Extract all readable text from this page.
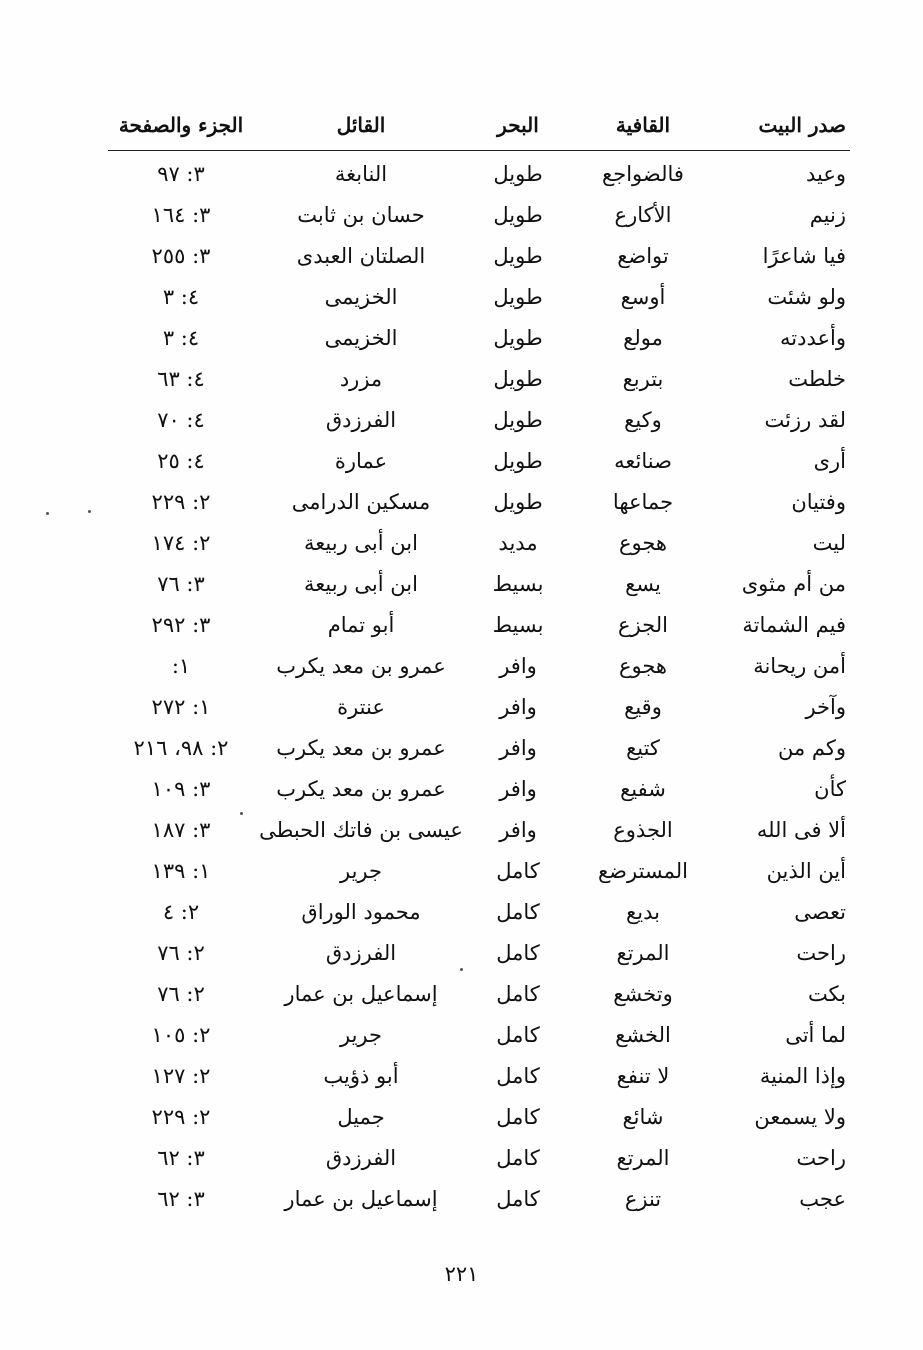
صدر البيت
القافية
البحر
القائل
الجزء والصفحة
وعيد
فالضواجع
طويل
النابغة
٣: ٩٧
زنيم
الأكارع
طويل
حسان بن ثابت
٣: ١٦٤
فيا شاعرًا
تواضع
طويل
الصلتان العبدى
٣: ٢٥٥
ولو شئت
أوسع
طويل
الخزيمى
٤: ٣
وأعددته
مولع
طويل
الخزيمى
٤: ٣
خلطت
بتربع
طويل
مزرد
٤: ٦٣
لقد رزئت
وكيع
طويل
الفرزدق
٤: ٧٠
أرى
صنائعه
طويل
عمارة
٤: ٢٥
وفتيان
جماعها
طويل
مسكين الدرامى
٢: ٢٢٩
ليت
هجوع
مديد
ابن أبى ربيعة
٢: ١٧٤
من أم مثوى
يسع
بسيط
ابن أبى ربيعة
٣: ٧٦
فيم الشماتة
الجزع
بسيط
أبو تمام
٣: ٢٩٢
أمن ريحانة
هجوع
وافر
عمرو بن معد يكرب
١:
وآخر
وقيع
وافر
عنترة
١: ٢٧٢
وكم من
كتيع
وافر
عمرو بن معد يكرب
٢: ٩٨، ٢١٦
كأن
شفيع
وافر
عمرو بن معد يكرب
٣: ١٠٩
ألا فى الله
الجذوع
وافر
عيسى بن فاتك الحبطى
٣: ١٨٧
أين الذين
المسترضع
كامل
جرير
١: ١٣٩
تعصى
بديع
كامل
محمود الوراق
٢: ٤
راحت
المرتع
كامل
الفرزدق
٢: ٧٦
بكت
وتخشع
كامل
إسماعيل بن عمار
٢: ٧٦
لما أتى
الخشع
كامل
جرير
٢: ١٠٥
وإذا المنية
لا تنفع
كامل
أبو ذؤيب
٢: ١٢٧
ولا يسمعن
شائع
كامل
جميل
٢: ٢٢٩
راحت
المرتع
كامل
الفرزدق
٣: ٦٢
عجب
تنزع
كامل
إسماعيل بن عمار
٣: ٦٢
٢٢١
